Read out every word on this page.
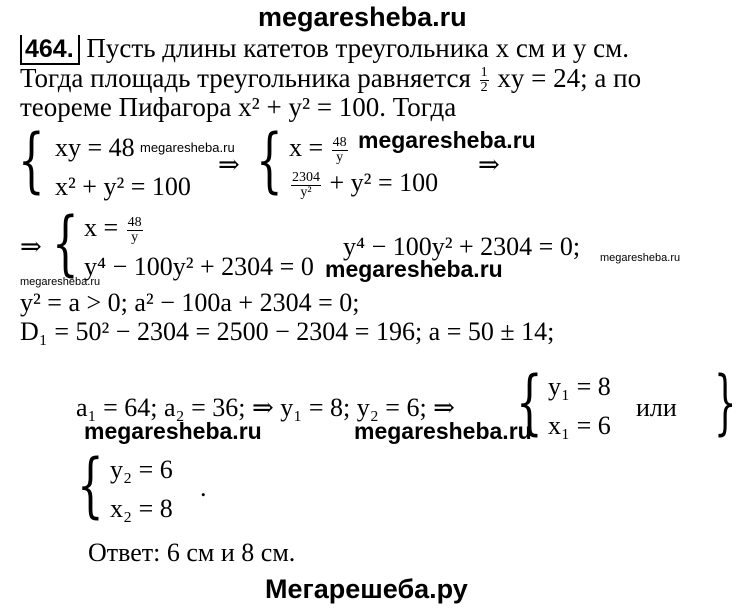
megaresheba.ru
464. Пусть длины катетов треугольника x см и y см.
Тогда площадь треугольника равняется $\frac{1}{2}$ xy = 24; а по
теореме Пифагора x² + y² = 100. Тогда
{ xy = 48 megaresheba.ru
x² + y² = 100
⇒ { $x = \frac{48}{y}$ megaresheba.ru
$\frac{2304}{\text{y²}} + y^2 = 100$
⇒
⇒ { $x = \frac{48}{y}$
y⁴ − 100y² + 2304 = 0 megaresheba.ru
y⁴ − 100y² + 2304 = 0; megaresheba.ru
megaresheba.ru
y² = a > 0; a² − 100a + 2304 = 0;
D₁ = 50² − 2304 = 2500 − 2304 = 196; a = 50 ± 14;
a₁ = 64; a₂ = 36; ⇒ y₁ = 8; y₂ = 6; ⇒ { y₁ = 8
x₁ = 6
или {
megaresheba.ru	megaresheba.ru
{ y₂ = 6
x₂ = 8
.
Ответ: 6 см и 8 см.
Мегарешеба.ру
